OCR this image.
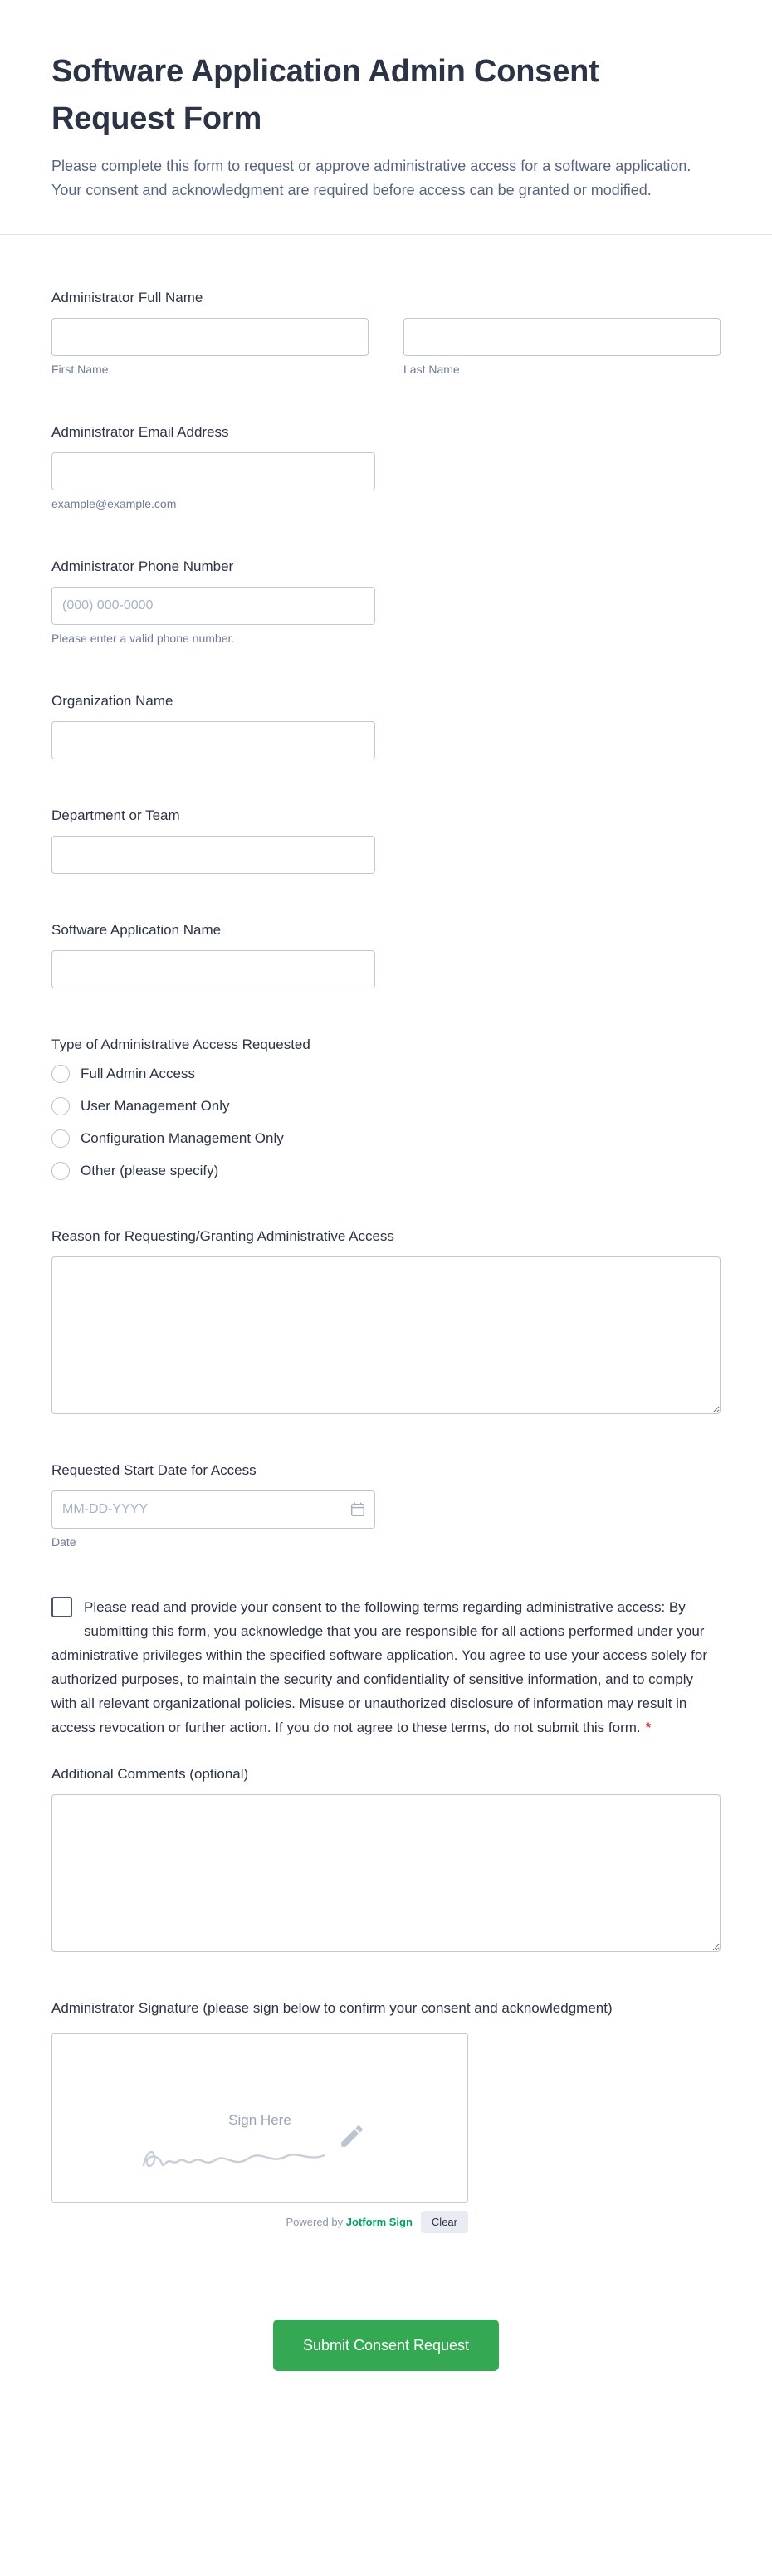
Software Application Admin Consent Request Form

Please complete this form to request or approve administrative access for a software application. Your consent and acknowledgment are required before access can be granted or modified.

Administrator Full Name
First Name	Last Name
Administrator Email Address
example@example.com
Administrator Phone Number
(000) 000-0000
Please enter a valid phone number.
Organization Name
Department or Team
Software Application Name
Type of Administrative Access Requested
Full Admin Access
User Management Only
Configuration Management Only
Other (please specify)
Reason for Requesting/Granting Administrative Access
Requested Start Date for Access
MM-DD-YYYY
Date
Please read and provide your consent to the following terms regarding administrative access: By submitting this form, you acknowledge that you are responsible for all actions performed under your administrative privileges within the specified software application. You agree to use your access solely for authorized purposes, to maintain the security and confidentiality of sensitive information, and to comply with all relevant organizational policies. Misuse or unauthorized disclosure of information may result in access revocation or further action. If you do not agree to these terms, do not submit this form. *
Additional Comments (optional)
Administrator Signature (please sign below to confirm your consent and acknowledgment)
Sign Here
Powered by Jotform Sign	Clear
Submit Consent Request
